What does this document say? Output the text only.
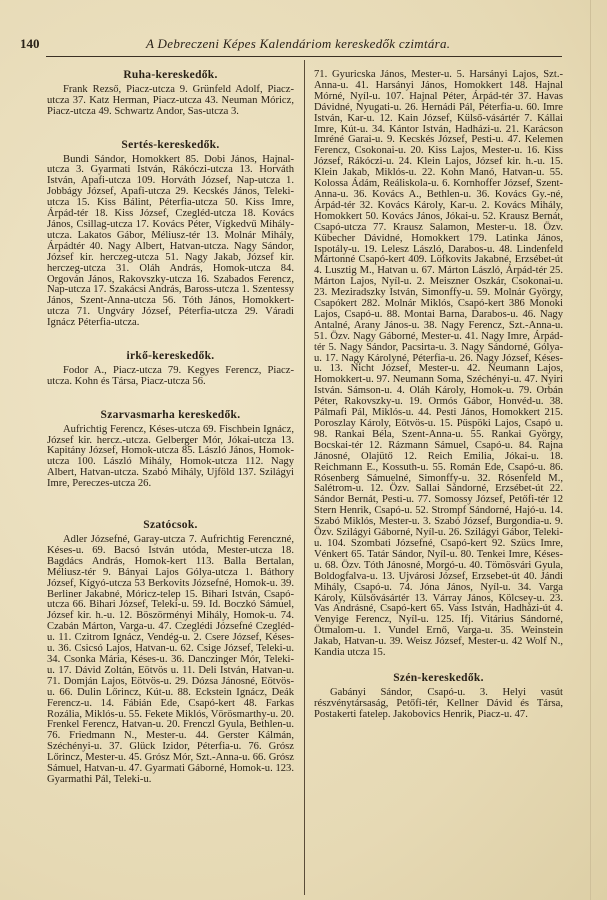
140	A Debreczeni Képes Kalendáriom kereskedők czimtára.
Ruha-kereskedők.

Frank Rezső, Piacz-utcza 9. Grünfeld Adolf, Piacz-utcza 37. Katz Herman, Piacz-utcza 43. Neuman Móricz, Piacz-utcza 49. Schwartz Andor, Sas-utcza 3.

Sertés-kereskedők.

Bundi Sándor, Homokkert 85. Dobi János, Hajnal-utcza 3. Gyarmati István, Rákóczi-utcza 13. Horváth István, Apafi-utcza 109. Horváth József, Nap-utcza 1. Jobbágy József, Apafi-utcza 29. Kecskés János, Teleki-utcza 15. Kiss Bálint, Péterfia-utcza 50. Kiss Imre, Árpád-tér 18. Kiss József, Czegléd-utcza 18. Kovács János, Csillag-utcza 17. Kovács Péter, Vígkedvű Mihály-utcza. Lakatos Gábor, Méliusz-tér 13. Molnár Mihály, Árpádtér 40. Nagy Albert, Hatvan-utcza. Nagy Sándor, József kir. herczeg-utcza 51. Nagy Jakab, József kir. herczeg-utcza 31. Oláh András, Homok-utcza 84. Orgován János, Rakovszky-utcza 16. Szabados Ferencz, Nap-utcza 17. Szakácsi András, Baross-utcza 1. Szentessy János, Szent-Anna-utcza 56. Tóth János, Homokkert-utcza 71. Ungváry József, Péterfia-utcza 29. Váradi Ignácz Péterfia-utcza.

irkő-kereskedők.

Fodor A., Piacz-utcza 79. Kegyes Ferencz, Piacz-utcza. Kohn és Társa, Piacz-utcza 56.

Szarvasmarha kereskedők.

Aufrichtig Ferencz, Késes-utcza 69. Fischbein Ignácz, József kir. hercz.-utcza. Gelberger Mór, Jókai-utcza 13. Kapitány József, Homok-utcza 85. László János, Homok-utcza 100. László Mihály, Homok-utcza 112. Nagy Albert, Hatvan-utcza. Szabó Mihály, Ujföld 137. Szilágyi Imre, Pereczes-utcza 26.

Szatócsok.

Adler Józsefné, Garay-utcza 7. Aufrichtig Ferenczné, Késes-u. 69. Bacsó István utóda, Mester-utcza 18. Bagdács András, Homok-kert 113. Balla Bertalan, Méliusz-tér 9. Bányai Lajos Gólya-utcza 1. Báthory József, Kígyó-utcza 53 Berkovits Józsefné, Homok-u. 39. Berliner Jakabné, Móricz-telep 15. Bihari István, Csapó-utcza 66. Bihari József, Teleki-u. 59. Id. Boczkó Sámuel, József kir. h.-u. 12. Böszörményi Mihály, Homok-u. 74. Czabán Márton, Varga-u. 47. Czeglédi Józsefné Czegléd-u. 11. Czitrom Ignácz, Vendég-u. 2. Csere József, Késes-u. 36. Csicsó Lajos, Hatvan-u. 62. Csige József, Teleki-u. 34. Csonka Mária, Késes-u. 36. Danczinger Mór, Teleki-u. 17. Dávid Zoltán, Eötvös u. 11. Deli István, Hatvan-u. 71. Domján Lajos, Eötvös-u. 29. Dózsa Jánosné, Eötvös-u. 66. Dulin Lőrincz, Kút-u. 88. Eckstein Ignácz, Deák Ferencz-u. 14. Fábián Ede, Csapó-kert 48. Farkas Rozália, Miklós-u. 55. Fekete Miklós, Vörösmarthy-u. 20. Frenkel Ferencz, Hatvan-u. 20. Frenczl Gyula, Bethlen-u. 76. Friedmann N., Mester-u. 44. Gerster Kálmán, Széchényi-u. 37. Glück Izidor, Péterfia-u. 76. Grósz Lőrincz, Mester-u. 45. Grósz Mór, Szt.-Anna-u. 66. Grósz Sámuel, Hatvan-u. 47. Gyarmati Gáborné, Homok-u. 123. Gyarmathi Pál, Teleki-u.

71. Gyuricska János, Mester-u. 5. Harsányi Lajos, Szt.-Anna-u. 41. Harsányi János, Homokkert 148. Hajnal Mórné, Nyíl-u. 107. Hajnal Péter, Árpád-tér 37. Havas Dávidné, Nyugati-u. 26. Hernádi Pál, Péterfia-u. 60. Imre István, Kar-u. 12. Kain József, Külső-vásártér 7. Kállai Imre, Kút-u. 34. Kántor István, Hadházi-u. 21. Karácson Imréné Garai-u. 9. Kecskés József, Pesti-u. 47. Kelemen Ferencz, Csokonai-u. 20. Kiss Lajos, Mester-u. 16. Kiss József, Rákóczi-u. 24. Klein Lajos, József kir. h.-u. 15. Klein Jakab, Miklós-u. 22. Kohn Manó, Hatvan-u. 55. Kolossa Ádám, Reáliskola-u. 6. Kornhoffer József, Szent-Anna-u. 36. Kovács A., Bethlen-u. 36. Kovács Gy.-né, Árpád-tér 32. Kovács Károly, Kar-u. 2. Kovács Mihály, Homokkert 50. Kovács János, Jókai-u. 52. Krausz Bernát, Csapó-utcza 77. Krausz Salamon, Mester-u. 18. Özv. Kübecher Dávidné, Homokkert 179. Latinka János, Ispotály-u. 19. Lelesz László, Darabos-u. 48. Lindenfeld Mártonné Csapó-kert 409. Löfkovits Jakabné, Erzsébet-út 4. Lusztig M., Hatvan u. 67. Márton László, Árpád-tér 25. Márton Lajos, Nyíl-u. 2. Meiszner Oszkár, Csokonai-u. 23. Meziradszky István, Simonffy-u. 59. Molnár György, Csapókert 282. Molnár Miklós, Csapó-kert 386 Monoki Lajos, Csapó-u. 88. Montai Barna, Darabos-u. 46. Nagy Antalné, Arany János-u. 38. Nagy Ferencz, Szt.-Anna-u. 51. Özv. Nagy Gáborné, Mester-u. 41. Nagy Imre, Árpád-tér 5. Nagy Sándor, Pacsirta-u. 3. Nagy Sándorné, Gólya-u. 17. Nagy Károlyné, Péterfia-u. 26. Nagy József, Késes-u. 13. Nicht József, Mester-u. 42. Neumann Lajos, Homokkert-u. 97. Neumann Soma, Széchényi-u. 47. Nyiri István. Sámson-u. 4. Oláh Károly, Homok-u. 79. Orbán Péter, Rakovszky-u. 19. Ormós Gábor, Honvéd-u. 38. Pálmafi Pál, Miklós-u. 44. Pesti János, Homokkert 215. Poroszlay Károly, Eötvös-u. 15. Püspöki Lajos, Csapó u. 98. Rankai Béla, Szent-Anna-u. 55. Rankai György, Bocskai-tér 12. Rázmann Sámuel, Csapó-u. 84. Rajna Jánosné, Olajütő 12. Reich Emilia, Jókai-u. 18. Reichmann E., Kossuth-u. 55. Román Ede, Csapó-u. 86. Rósenberg Sámuelné, Simonffy-u. 32. Rósenfeld M., Salétrom-u. 12. Özv. Sallai Sándorné, Erzsébet-út 22. Sándor Bernát, Pesti-u. 77. Somossy József, Petőfi-tér 12 Stern Henrik, Csapó-u. 52. Strompf Sándorné, Hajó-u. 14. Szabó Miklós, Mester-u. 3. Szabó József, Burgondia-u. 9. Özv. Szilágyi Gáborné, Nyíl-u. 26. Szilágyi Gábor, Teleki-u. 104. Szombati Józsefné, Csapó-kert 92. Szücs Imre, Vénkert 65. Tatár Sándor, Nyíl-u. 80. Tenkei Imre, Késes-u. 68. Özv. Tóth Jánosné, Morgó-u. 40. Tömösvári Gyula, Boldogfalva-u. 13. Ujvárosi József, Erzsebet-út 40. Jándi Mihály, Csapó-u. 74. Jóna János, Nyíl-u. 34. Varga Károly, Külsővásártér 13. Várray János, Kölcsey-u. 23. Vas Andrásné, Csapó-kert 65. Vass István, Hadházi-út 4. Venyige Ferencz, Nyíl-u. 125. Ifj. Vitárius Sándorné, Ötmalom-u. 1. Vundel Ernő, Varga-u. 35. Weinstein Jakab, Hatvan-u. 39. Weisz József, Mester-u. 42 Wolf N., Kandia utcza 15.

Szén-kereskedők.

Gabányi Sándor, Csapó-u. 3. Helyi vasút részvénytársaság, Petőfi-tér, Kellner Dávid és Társa, Postakerti fatelep. Jakobovics Henrik, Piacz-u. 47.
